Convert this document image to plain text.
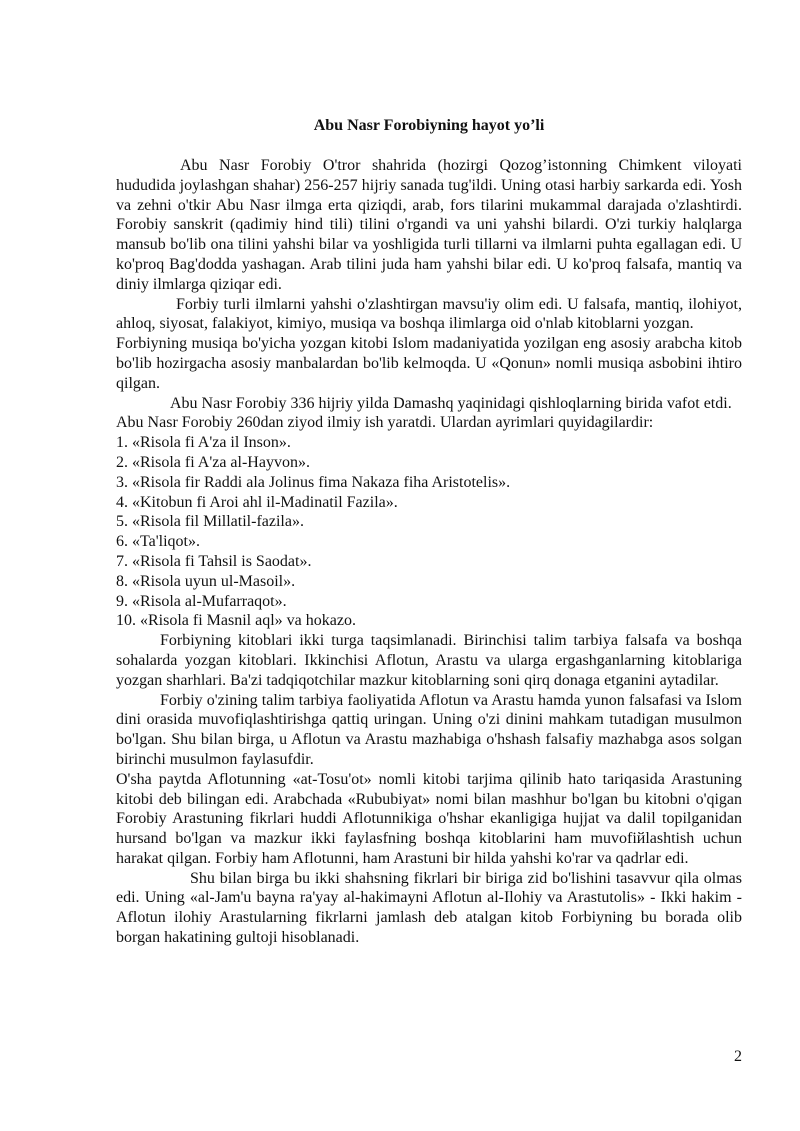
Abu Nasr Forobiyning hayot yo’li

Abu Nasr Forobiy O'tror shahrida (hozirgi Qozog’istonning Chimkent viloyati hududida joylashgan shahar) 256-257 hijriy sanada tug'ildi. Uning otasi harbiy sarkarda edi. Yosh va zehni o'tkir Abu Nasr ilmga erta qiziqdi, arab, fors tilarini mukammal darajada o'zlashtirdi. Forobiy sanskrit (qadimiy hind tili) tilini o'rgandi va uni yahshi bilardi. O'zi turkiy halqlarga mansub bo'lib ona tilini yahshi bilar va yoshligida turli tillarni va ilmlarni puhta egallagan edi. U ko'proq Bag'dodda yashagan. Arab tilini juda ham yahshi bilar edi. U ko'proq falsafa, mantiq va diniy ilmlarga qiziqar edi.

Forbiy turli ilmlarni yahshi o'zlashtirgan mavsu'iy olim edi. U falsafa, mantiq, ilohiyot, ahloq, siyosat, falakiyot, kimiyo, musiqa va boshqa ilimlarga oid o'nlab kitoblarni yozgan.

Forbiyning musiqa bo'yicha yozgan kitobi Islom madaniyatida yozilgan eng asosiy arabcha kitob bo'lib hozirgacha asosiy manbalardan bo'lib kelmoqda. U «Qonun» nomli musiqa asbobini ihtiro qilgan.

Abu Nasr Forobiy 336 hijriy yilda Damashq yaqinidagi qishloqlarning birida vafot etdi.

Abu Nasr Forobiy 260dan ziyod ilmiy ish yaratdi. Ulardan ayrimlari quyidagilardir:

1. «Risola fi A'za il Inson».
2. «Risola fi A'za al-Hayvon».
3. «Risola fir Raddi ala Jolinus fima Nakaza fiha Aristotelis».
4. «Kitobun fi Aroi ahl il-Madinatil Fazila».
5. «Risola fil Millatil-fazila».
6. «Ta'liqot».
7. «Risola fi Tahsil is Saodat».
8. «Risola uyun ul-Masoil».
9. «Risola al-Mufarraqot».
10. «Risola fi Masnil aql» va hokazo.

Forbiyning kitoblari ikki turga taqsimlanadi. Birinchisi talim tarbiya falsafa va boshqa sohalarda yozgan kitoblari. Ikkinchisi Aflotun, Arastu va ularga ergashganlarning kitoblariga yozgan sharhlari. Ba'zi tadqiqotchilar mazkur kitoblarning soni qirq donaga etganini aytadilar.

Forbiy o'zining talim tarbiya faoliyatida Aflotun va Arastu hamda yunon falsafasi va Islom dini orasida muvofiqlashtirishga qattiq uringan. Uning o'zi dinini mahkam tutadigan musulmon bo'lgan. Shu bilan birga, u Aflotun va Arastu mazhabiga o'hshash falsafiy mazhabga asos solgan birinchi musulmon faylasufdir.

O'sha paytda Aflotunning «at-Tosu'ot» nomli kitobi tarjima qilinib hato tariqasida Arastuning kitobi deb bilingan edi. Arabchada «Rububiyat» nomi bilan mashhur bo'lgan bu kitobni o'qigan Forobiy Arastuning fikrlari huddi Aflotunnikiga o'hshar ekanligiga hujjat va dalil topilganidan hursand bo'lgan va mazkur ikki faylasfning boshqa kitoblarini ham muvofiйlashtish uchun harakat qilgan. Forbiy ham Aflotunni, ham Arastuni bir hilda yahshi ko'rar va qadrlar edi.

Shu bilan birga bu ikki shahsning fikrlari bir biriga zid bo'lishini tasavvur qila olmas edi. Uning «al-Jam'u bayna ra'yay al-hakimayni Aflotun al-Ilohiy va Arastutolis» - Ikki hakim - Aflotun ilohiy Arastularning fikrlarni jamlash deb atalgan kitob Forbiyning bu borada olib borgan hakatining gultoji hisoblanadi.

2
